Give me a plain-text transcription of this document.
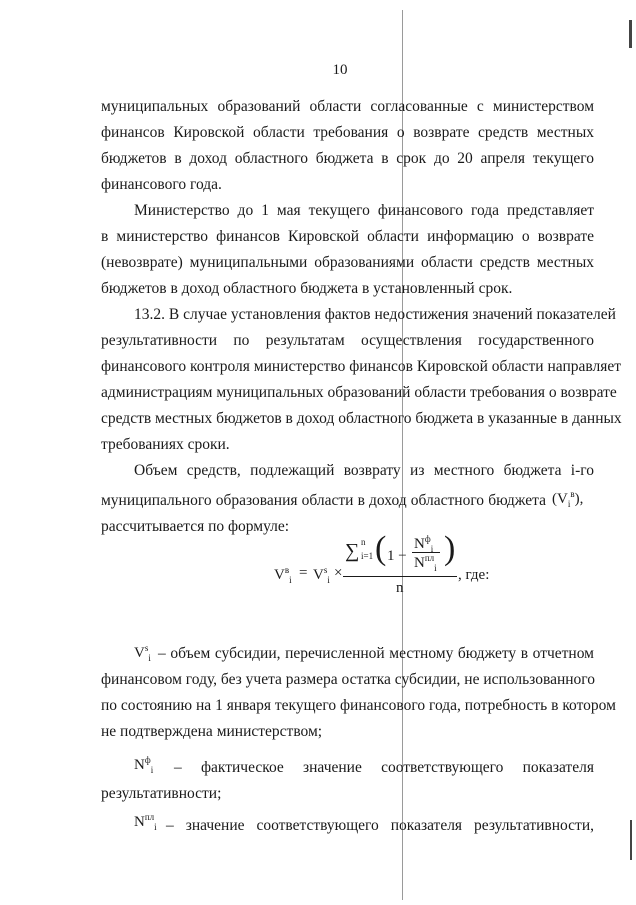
10
муниципальных образований области согласованные с министерством
финансов Кировской области требования о возврате средств местных
бюджетов в доход областного бюджета в срок до 20 апреля текущего
финансового года.
Министерство до 1 мая текущего финансового года представляет
в министерство финансов Кировской области информацию о возврате
(невозврате) муниципальными образованиями области средств местных
бюджетов в доход областного бюджета в установленный срок.
13.2. В случае установления фактов недостижения значений показателей
результативности по результатам осуществления государственного
финансового контроля министерство финансов Кировской области направляет
администрациям муниципальных образований области требования о возврате
средств местных бюджетов в доход областного бюджета в указанные в данных
требованиях сроки.
Объем средств, подлежащий возврату из местного бюджета i-го
муниципального образования области в доход областного бюджета $(V_i^в)$,
рассчитывается по формуле:
$V^в_i = V^s_i$ ×
∑ n
i=1 ( 1 −
$N^ф_i$
$N^{пл}_i$
)
n
, где:
$V^s_i$ – объем субсидии, перечисленной местному бюджету в отчетном
финансовом году, без учета размера остатка субсидии, не использованного
по состоянию на 1 января текущего финансового года, потребность в котором
не подтверждена министерством;
$N^ф_i$ – фактическое значение соответствующего показателя
результативности;
$N^{пл}_i$ – значение соответствующего показателя результативности,
